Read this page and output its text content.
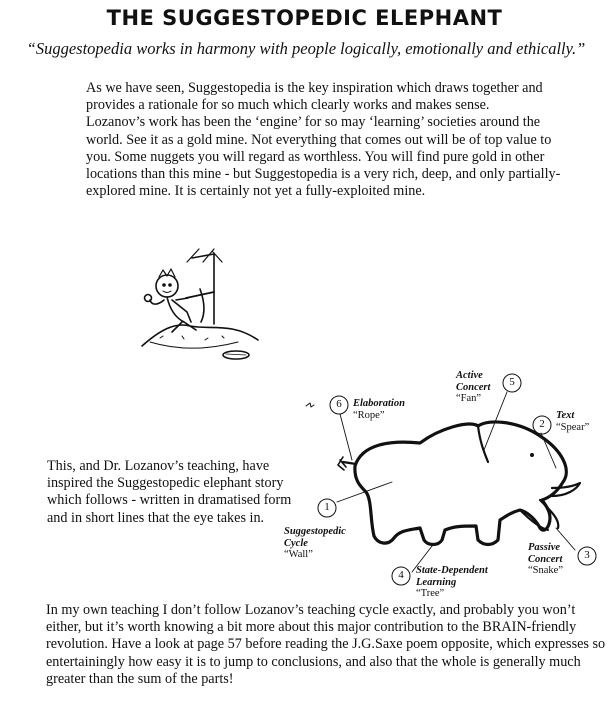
THE SUGGESTOPEDIC ELEPHANT
“Suggestopedia works in harmony with people logically, emotionally and ethically.”

As we have seen, Suggestopedia is the key inspiration which draws together and provides a rationale for so much which clearly works and makes sense.

Lozanov’s work has been the ‘engine’ for so may ‘learning’ societies around the world. See it as a gold mine. Not everything that comes out will be of top value to you. Some nuggets you will regard as worthless. You will find pure gold in other locations than this mine - but Suggestopedia is a very rich, deep, and only partially-explored mine. It is certainly not yet a fully-exploited mine.

This, and Dr. Lozanov’s teaching, have inspired the Suggestopedic elephant story which follows - written in dramatised form and in short lines that the eye takes in.
1
2
3
4
5
6
Suggestopedic Cycle
“Wall”
Text
“Spear”
Passive Concert
“Snake”
State-Dependent Learning
“Tree”
Active Concert
“Fan”
Elaboration
“Rope”
In my own teaching I don’t follow Lozanov’s teaching cycle exactly, and probably you won’t either, but it’s worth knowing a bit more about this major contribution to the BRAIN-friendly revolution. Have a look at page 57 before reading the J.G.Saxe poem opposite, which expresses so entertainingly how easy it is to jump to conclusions, and also that the whole is generally much greater than the sum of the parts!
